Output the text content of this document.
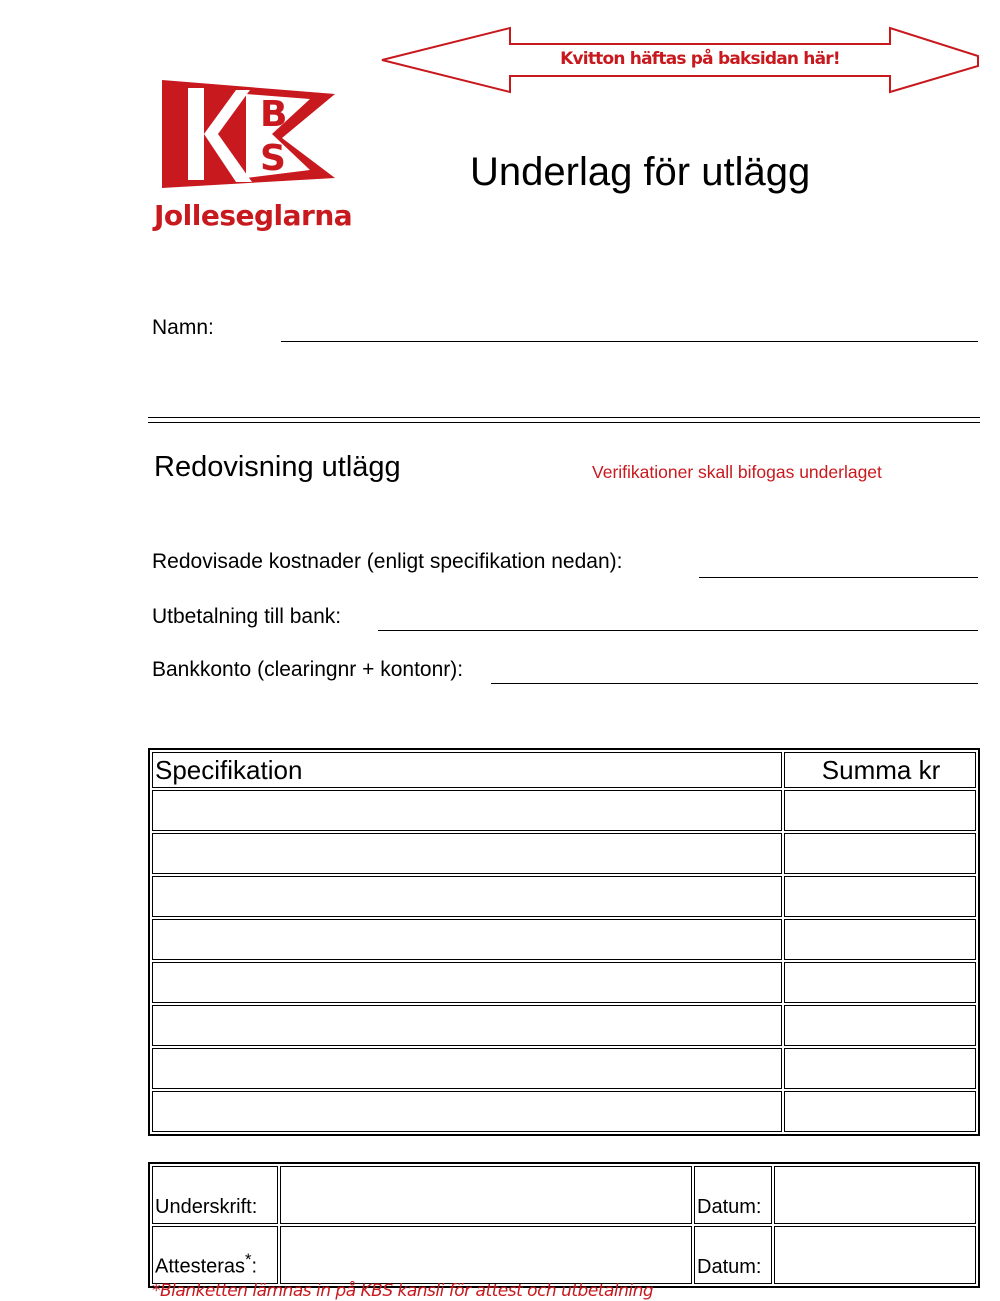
Kvitton häftas på baksidan här!
B
S
Jolleseglarna
Underlag för utlägg
Namn:
Redovisning utlägg	Verifikationer skall bifogas underlaget
Redovisade kostnader (enligt specifikation nedan):
Utbetalning till bank:
Bankkonto (clearingnr + kontonr):
Specifikation	Summa kr

Underskrift:		Datum:	
Attesteras*:		Datum:	
*Blanketten lämnas in på KBS kansli för attest och utbetalning
